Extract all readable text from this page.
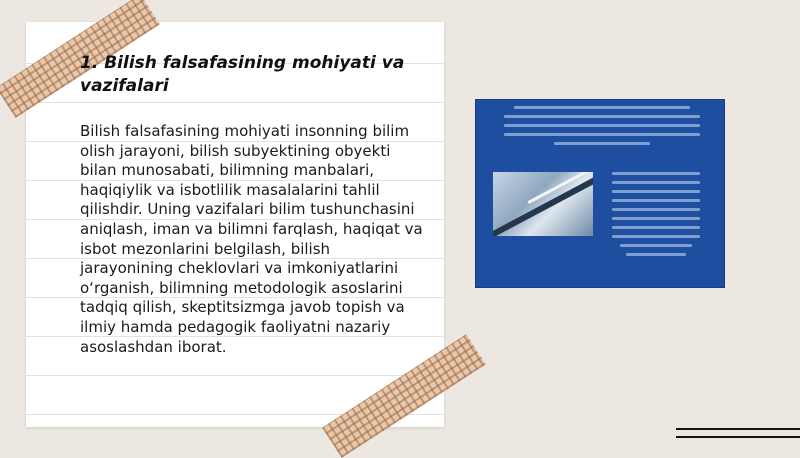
1. Bilish falsafasining mohiyati va vazifalari

Bilish falsafasining mohiyati insonning bilim olish jarayoni, bilish subyektining obyekti bilan munosabati, bilimning manbalari, haqiqiylik va isbotlilik masalalarini tahlil qilishdir. Uning vazifalari bilim tushunchasini aniqlash, iman va bilimni farqlash, haqiqat va isbot mezonlarini belgilash, bilish jarayonining cheklovlari va imkoniyatlarini o‘rganish, bilimning metodologik asoslarini tadqiq qilish, skeptitsizmga javob topish va ilmiy hamda pedagogik faoliyatni nazariy asoslashdan iborat.
